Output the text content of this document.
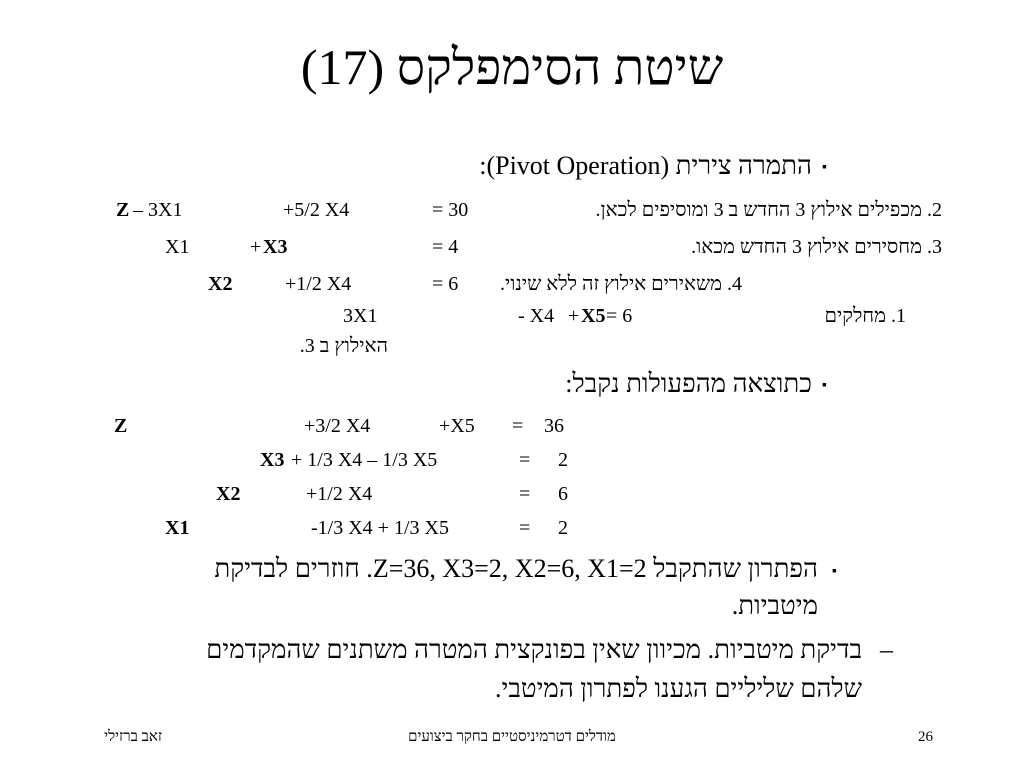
שיטת הסימפלקס (17)
▪
התמרה צירית (Pivot Operation):
2. מכפילים אילוץ 3 החדש ב 3 ומוסיפים לכאן.
Z – 3X1	+5/2 X4	= 30
3. מחסירים אילוץ 3 החדש מכאו.
X1	+ X3	= 4
4. משאירים אילוץ זה ללא שינוי.
X2	+1/2 X4	= 6
1. מחלקים
3X1	- X4 + X5 = 6
האילוץ ב 3.
▪
כתוצאה מהפעולות נקבל:
Z	+3/2 X4	+X5 = 36
X3 + 1/3 X4 – 1/3 X5	= 2
X2	+1/2 X4	= 6
X1	-1/3 X4 + 1/3 X5	= 2
▪
הפתרון שהתקבל Z=36, X3=2, X2=6, X1=2. חוזרים לבדיקת
מיטביות.
–
בדיקת מיטביות. מכיוון שאין בפונקצית המטרה משתנים שהמקדמים
שלהם שליליים הגענו לפתרון המיטבי.
26
מודלים דטרמיניסטיים בחקר ביצועים
זאב ברזילי
